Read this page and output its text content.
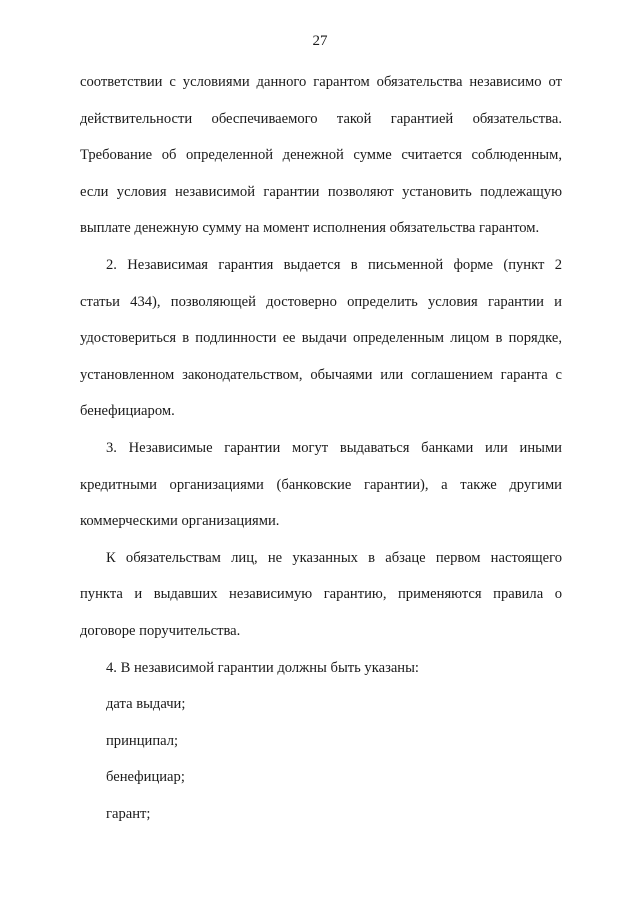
27
соответствии с условиями данного гарантом обязательства независимо от
действительности обеспечиваемого такой гарантией обязательства.
Требование об определенной денежной сумме считается соблюденным,
если условия независимой гарантии позволяют установить подлежащую
выплате денежную сумму на момент исполнения обязательства гарантом.
2. Независимая гарантия выдается в письменной форме (пункт 2
статьи 434), позволяющей достоверно определить условия гарантии и
удостовериться в подлинности ее выдачи определенным лицом в порядке,
установленном законодательством, обычаями или соглашением гаранта с
бенефициаром.
3. Независимые гарантии могут выдаваться банками или иными
кредитными организациями (банковские гарантии), а также другими
коммерческими организациями.
К обязательствам лиц, не указанных в абзаце первом настоящего
пункта и выдавших независимую гарантию, применяются правила о
договоре поручительства.
4. В независимой гарантии должны быть указаны:
дата выдачи;
принципал;
бенефициар;
гарант;
